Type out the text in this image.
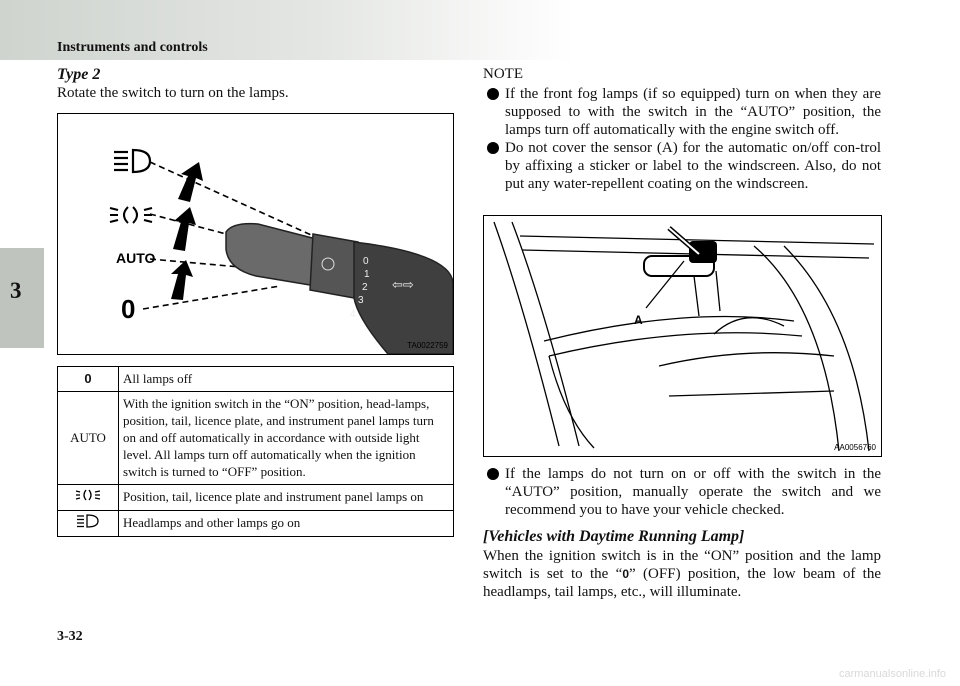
Instruments and controls
3
Type 2
Rotate the switch to turn on the lamps.
AUTO
0
0
1
2
3
4
⇦⇨
TA0022759
0	All lamps off
AUTO	With the ignition switch in the “ON” position, head-lamps, position, tail, licence plate, and instrument panel lamps turn on and off automatically in accordance with outside light level. All lamps turn off automatically when the ignition switch is turned to “OFF” position.
	Position, tail, licence plate and instrument panel lamps on
	Headlamps and other lamps go on
NOTE
If the front fog lamps (if so equipped) turn on when they are supposed to with the switch in the “AUTO” position, the lamps turn off automatically with the engine switch off.
Do not cover the sensor (A) for the automatic on/off con-trol by affixing a sticker or label to the windscreen. Also, do not put any water-repellent coating on the windscreen.
A
AA0056760
If the lamps do not turn on or off with the switch in the “AUTO” position, manually operate the switch and we recommend you to have your vehicle checked.
[Vehicles with Daytime Running Lamp]
When the ignition switch is in the “ON” position and the lamp switch is set to the “0” (OFF) position, the low beam of the headlamps, tail lamps, etc., will illuminate.
3-32
carmanualsonline.info
